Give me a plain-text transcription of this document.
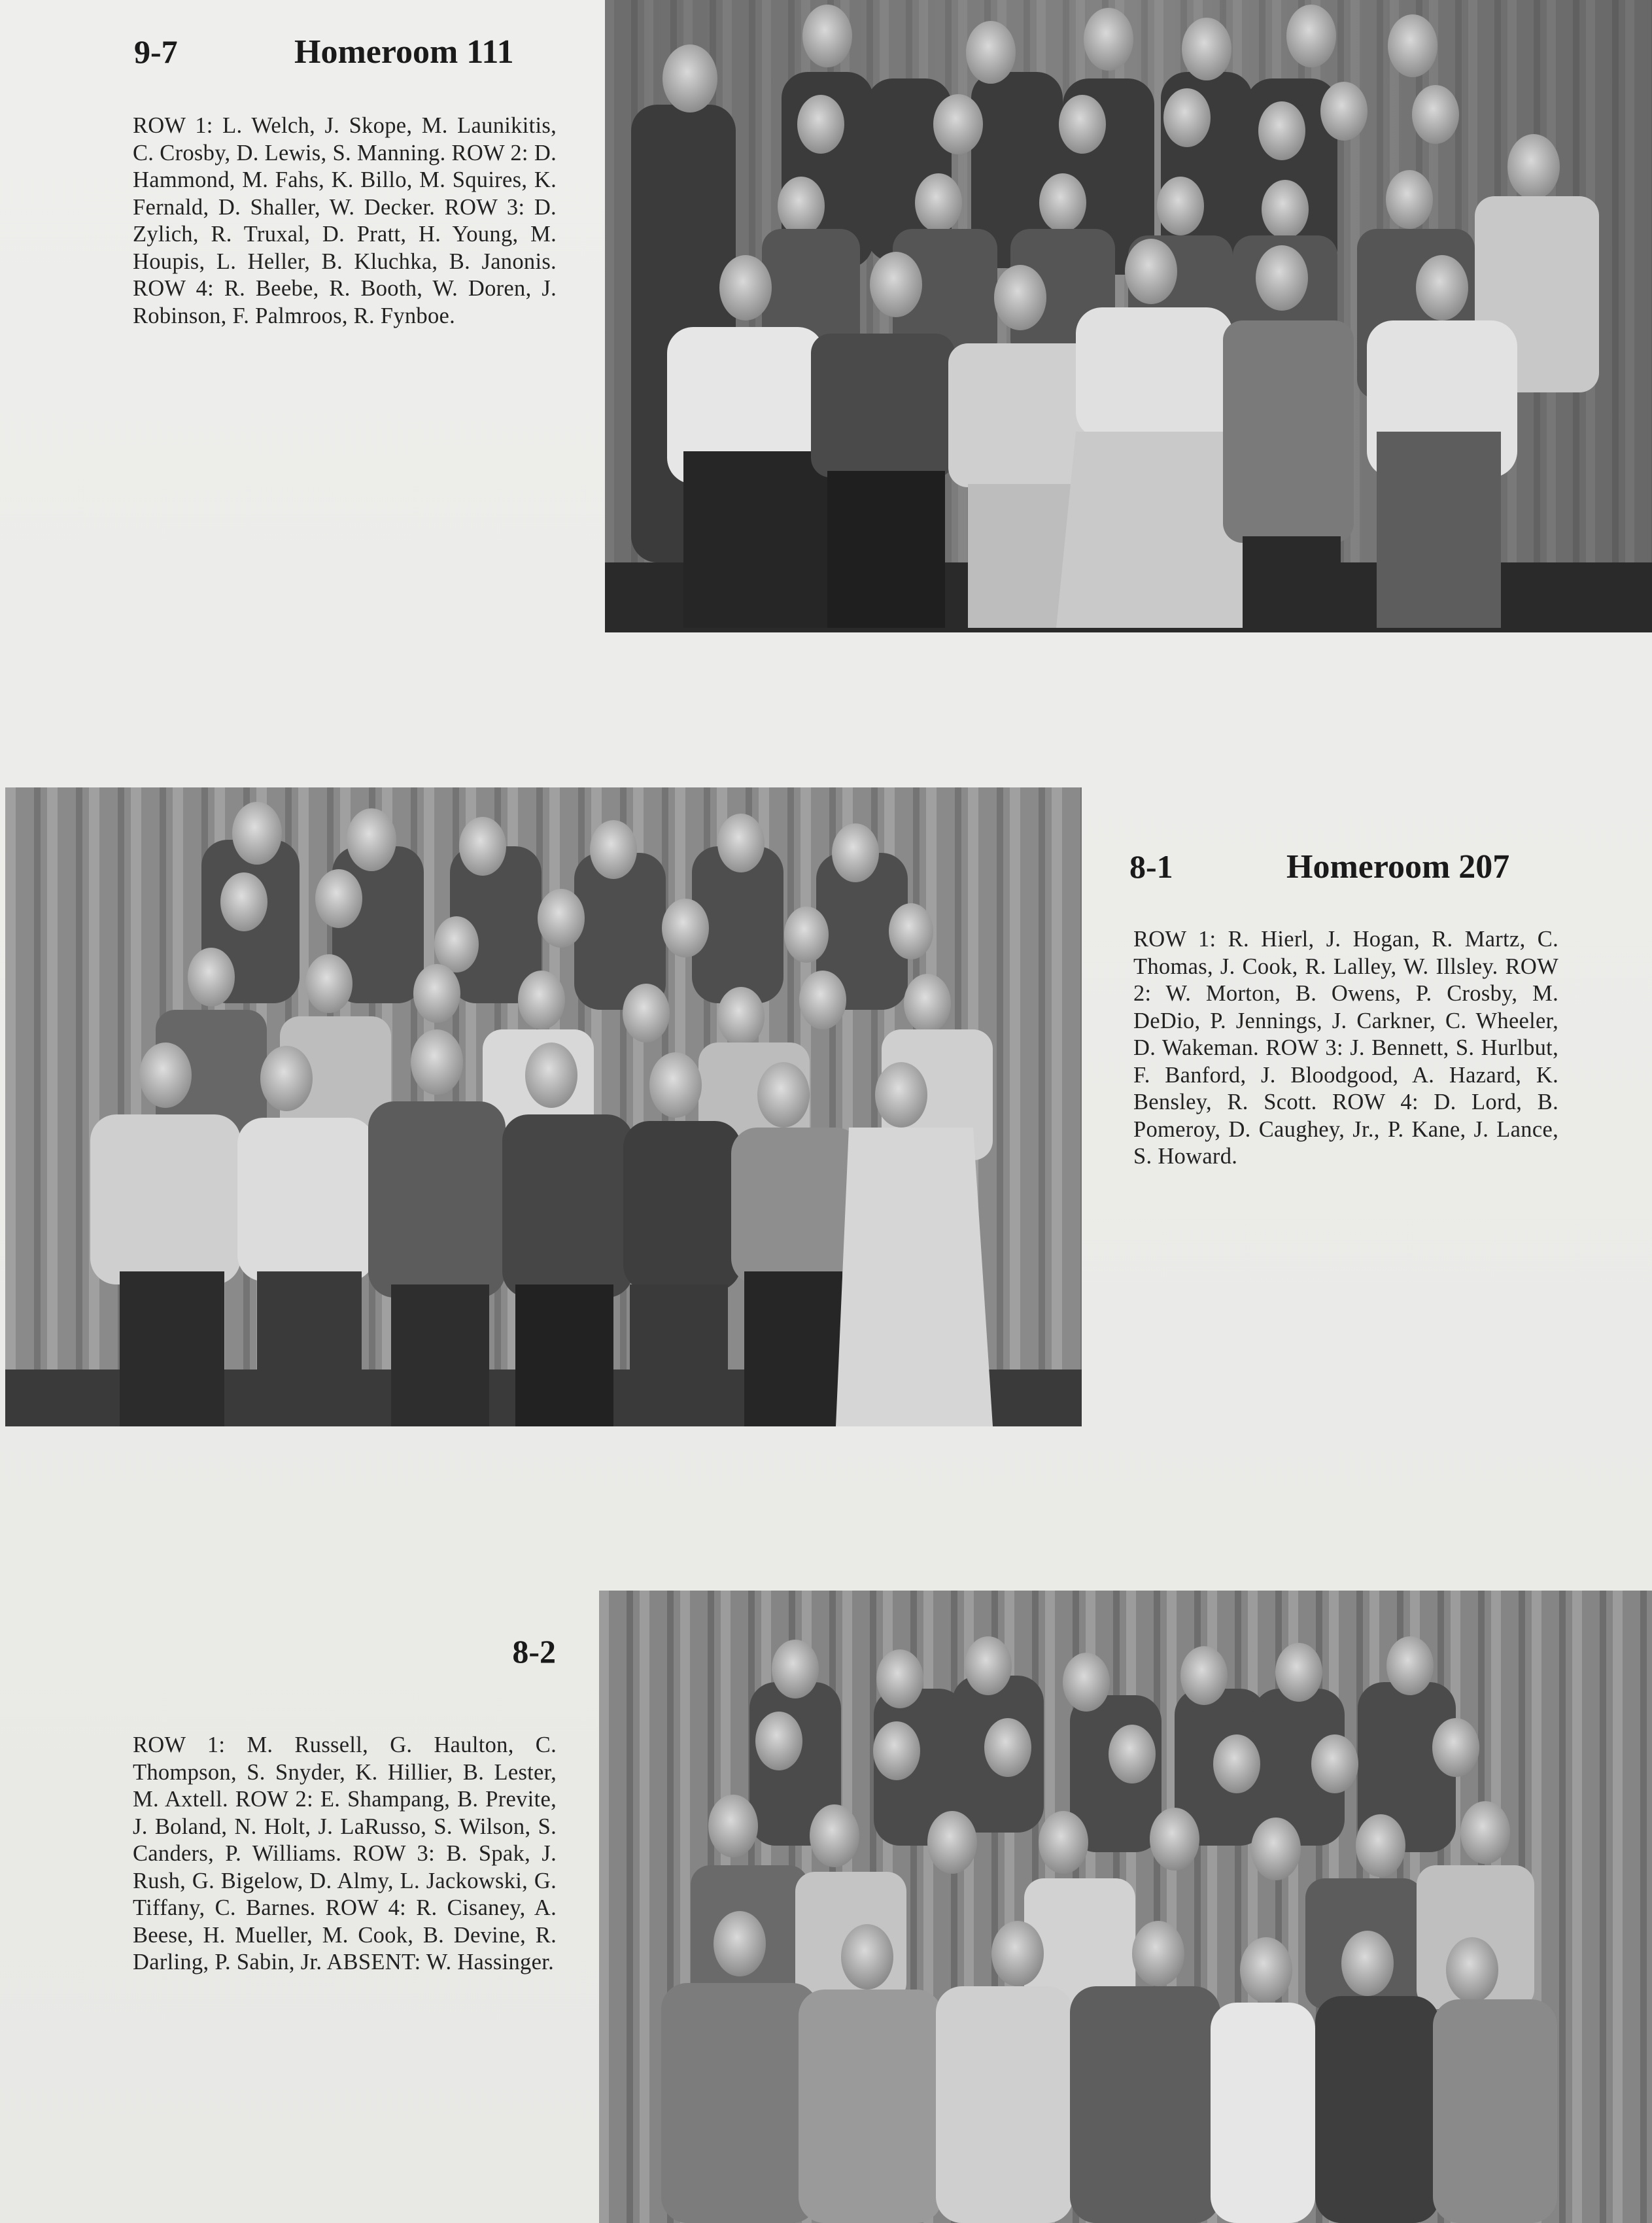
9-7	Homeroom 111
ROW 1: L. Welch, J. Skope, M. Launikitis, C. Crosby, D. Lewis, S. Manning. ROW 2: D. Hammond, M. Fahs, K. Billo, M. Squires, K. Fernald, D. Shaller, W. Decker. ROW 3: D. Zylich, R. Truxal, D. Pratt, H. Young, M. Houpis, L. Heller, B. Kluchka, B. Janonis. ROW 4: R. Beebe, R. Booth, W. Doren, J. Robinson, F. Palmroos, R. Fynboe.
8-1	Homeroom 207
ROW 1: R. Hierl, J. Hogan, R. Martz, C. Thomas, J. Cook, R. Lalley, W. Illsley. ROW 2: W. Morton, B. Owens, P. Crosby, M. DeDio, P. Jennings, J. Carkner, C. Wheeler, D. Wakeman. ROW 3: J. Bennett, S. Hurlbut, F. Banford, J. Bloodgood, A. Hazard, K. Bensley, R. Scott. ROW 4: D. Lord, B. Pomeroy, D. Caughey, Jr., P. Kane, J. Lance, S. Howard.
8-2
ROW 1: M. Russell, G. Haulton, C. Thompson, S. Snyder, K. Hillier, B. Lester, M. Axtell. ROW 2: E. Shampang, B. Previte, J. Boland, N. Holt, J. LaRusso, S. Wilson, S. Canders, P. Williams. ROW 3: B. Spak, J. Rush, G. Bigelow, D. Almy, L. Jackowski, G. Tiffany, C. Barnes. ROW 4: R. Cisaney, A. Beese, H. Mueller, M. Cook, B. Devine, R. Darling, P. Sabin, Jr. ABSENT: W. Hassinger.
